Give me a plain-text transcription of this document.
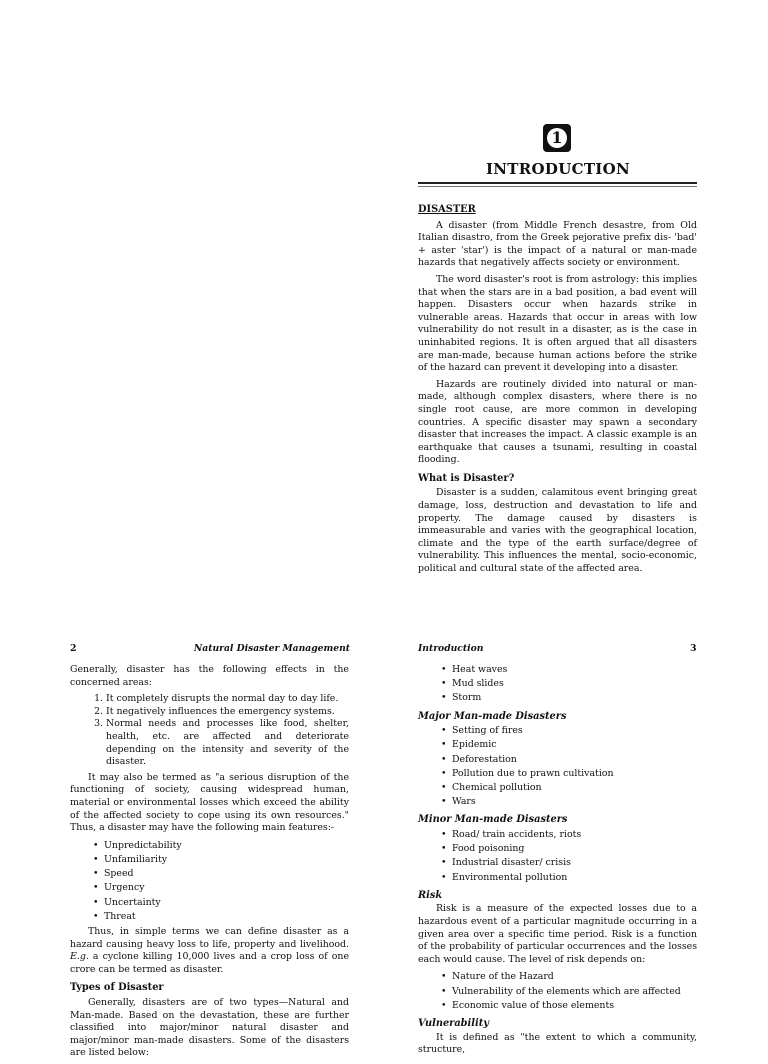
1
INTRODUCTION
DISASTER

A disaster (from Middle French desastre, from Old Italian disastro, from the Greek pejorative prefix dis- 'bad' + aster 'star') is the impact of a natural or man-made hazards that negatively affects society or environment.

The word disaster's root is from astrology: this implies that when the stars are in a bad position, a bad event will happen. Disasters occur when hazards strike in vulnerable areas. Hazards that occur in areas with low vulnerability do not result in a disaster, as is the case in uninhabited regions. It is often argued that all disasters are man-made, because human actions before the strike of the hazard can prevent it developing into a disaster.

Hazards are routinely divided into natural or man-made, although complex disasters, where there is no single root cause, are more common in developing countries. A specific disaster may spawn a secondary disaster that increases the impact. A classic example is an earthquake that causes a tsunami, resulting in coastal flooding.

What is Disaster?

Disaster is a sudden, calamitous event bringing great damage, loss, destruction and devastation to life and property. The damage caused by disasters is immeasurable and varies with the geographical location, climate and the type of the earth surface/degree of vulnerability. This influences the mental, socio-economic, political and cultural state of the affected area.

2	Natural Disaster Management

Generally, disaster has the following effects in the concerned areas:

1. It completely disrupts the normal day to day life.
2. It negatively influences the emergency systems.
3. Normal needs and processes like food, shelter, health, etc. are affected and deteriorate depending on the intensity and severity of the disaster.

It may also be termed as "a serious disruption of the functioning of society, causing widespread human, material or environmental losses which exceed the ability of the affected society to cope using its own resources." Thus, a disaster may have the following main features:-

• Unpredictability
• Unfamiliarity
• Speed
• Urgency
• Uncertainty
• Threat

Thus, in simple terms we can define disaster as a hazard causing heavy loss to life, property and livelihood. E.g. a cyclone killing 10,000 lives and a crop loss of one crore can be termed as disaster.

Types of Disaster

Generally, disasters are of two types—Natural and Man-made. Based on the devastation, these are further classified into major/minor natural disaster and major/minor man-made disasters. Some of the disasters are listed below:

Introduction	3
• Heat waves
• Mud slides
• Storm
Major Man-made Disasters
• Setting of fires
• Epidemic
• Deforestation
• Pollution due to prawn cultivation
• Chemical pollution
• Wars
Minor Man-made Disasters
• Road/ train accidents, riots
• Food poisoning
• Industrial disaster/ crisis
• Environmental pollution
Risk

Risk is a measure of the expected losses due to a hazardous event of a particular magnitude occurring in a given area over a specific time period. Risk is a function of the probability of particular occurrences and the losses each would cause. The level of risk depends on:

• Nature of the Hazard
• Vulnerability of the elements which are affected
• Economic value of those elements
Vulnerability

It is defined as "the extent to which a community, structure,
